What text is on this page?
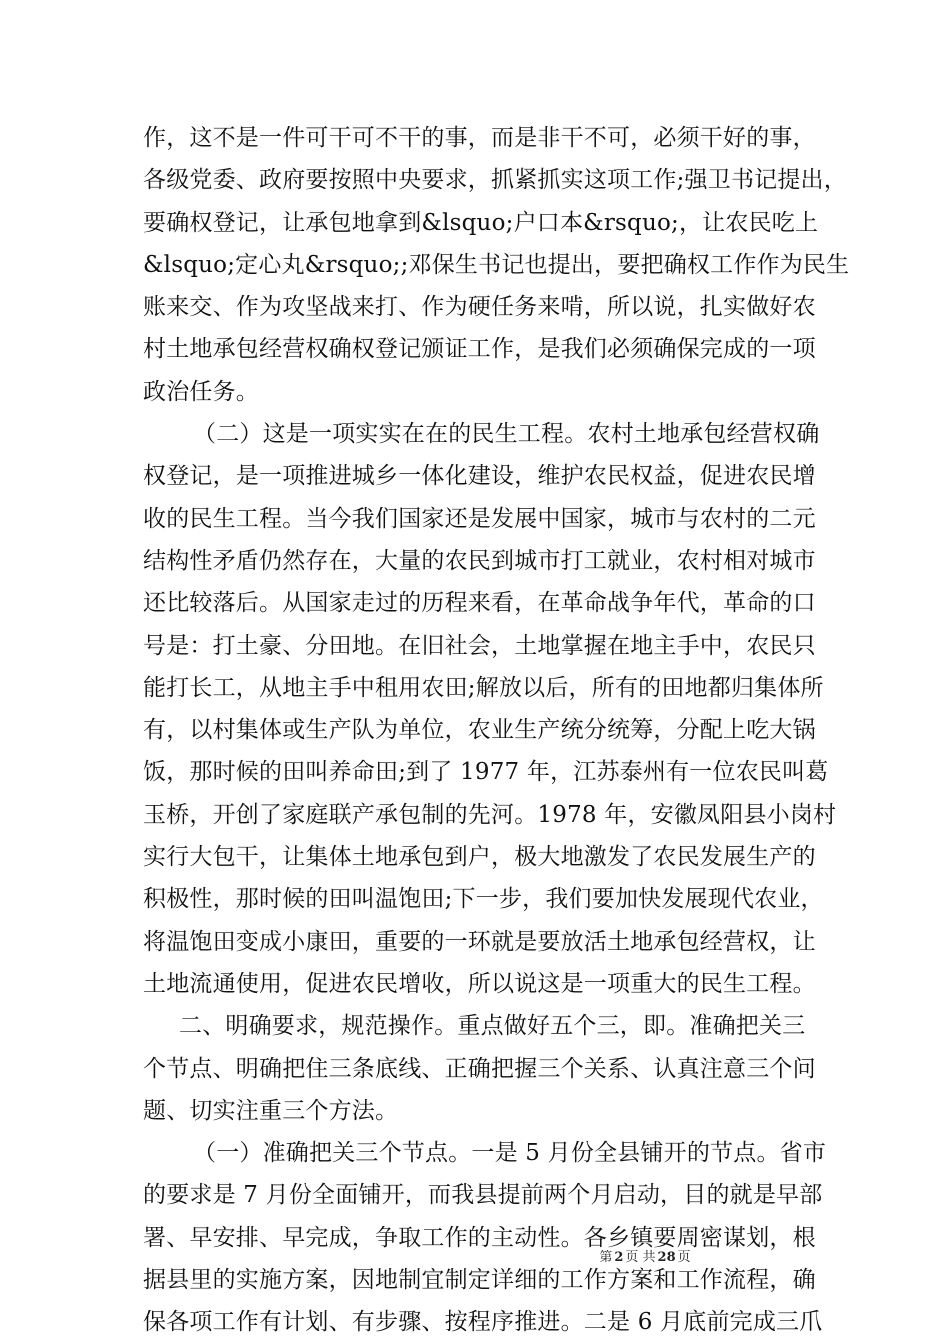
作，这不是一件可干可不干的事，而是非干不可，必须干好的事，
各级党委、政府要按照中央要求，抓紧抓实这项工作;强卫书记提出，
要确权登记，让承包地拿到&lsquo;户口本&rsquo;，让农民吃上
&lsquo;定心丸&rsquo;;邓保生书记也提出，要把确权工作作为民生
账来交、作为攻坚战来打、作为硬任务来啃，所以说，扎实做好农
村土地承包经营权确权登记颁证工作，是我们必须确保完成的一项
政治任务。
（二）这是一项实实在在的民生工程。农村土地承包经营权确
权登记，是一项推进城乡一体化建设，维护农民权益，促进农民增
收的民生工程。当今我们国家还是发展中国家，城市与农村的二元
结构性矛盾仍然存在，大量的农民到城市打工就业，农村相对城市
还比较落后。从国家走过的历程来看，在革命战争年代，革命的口
号是：打土豪、分田地。在旧社会，土地掌握在地主手中，农民只
能打长工，从地主手中租用农田;解放以后，所有的田地都归集体所
有，以村集体或生产队为单位，农业生产统分统筹，分配上吃大锅
饭，那时候的田叫养命田;到了 1977 年，江苏泰州有一位农民叫葛
玉桥，开创了家庭联产承包制的先河。1978 年，安徽凤阳县小岗村
实行大包干，让集体土地承包到户，极大地激发了农民发展生产的
积极性，那时候的田叫温饱田;下一步，我们要加快发展现代农业，
将温饱田变成小康田，重要的一环就是要放活土地承包经营权，让
土地流通使用，促进农民增收，所以说这是一项重大的民生工程。
二、明确要求，规范操作。重点做好五个三，即。准确把关三
个节点、明确把住三条底线、正确把握三个关系、认真注意三个问
题、切实注重三个方法。
（一）准确把关三个节点。一是 5 月份全县铺开的节点。省市
的要求是 7 月份全面铺开，而我县提前两个月启动，目的就是早部
署、早安排、早完成，争取工作的主动性。各乡镇要周密谋划，根
据县里的实施方案，因地制宜制定详细的工作方案和工作流程，确
保各项工作有计划、有步骤、按程序推进。二是 6 月底前完成三爪
第 2 页 共 28 页
